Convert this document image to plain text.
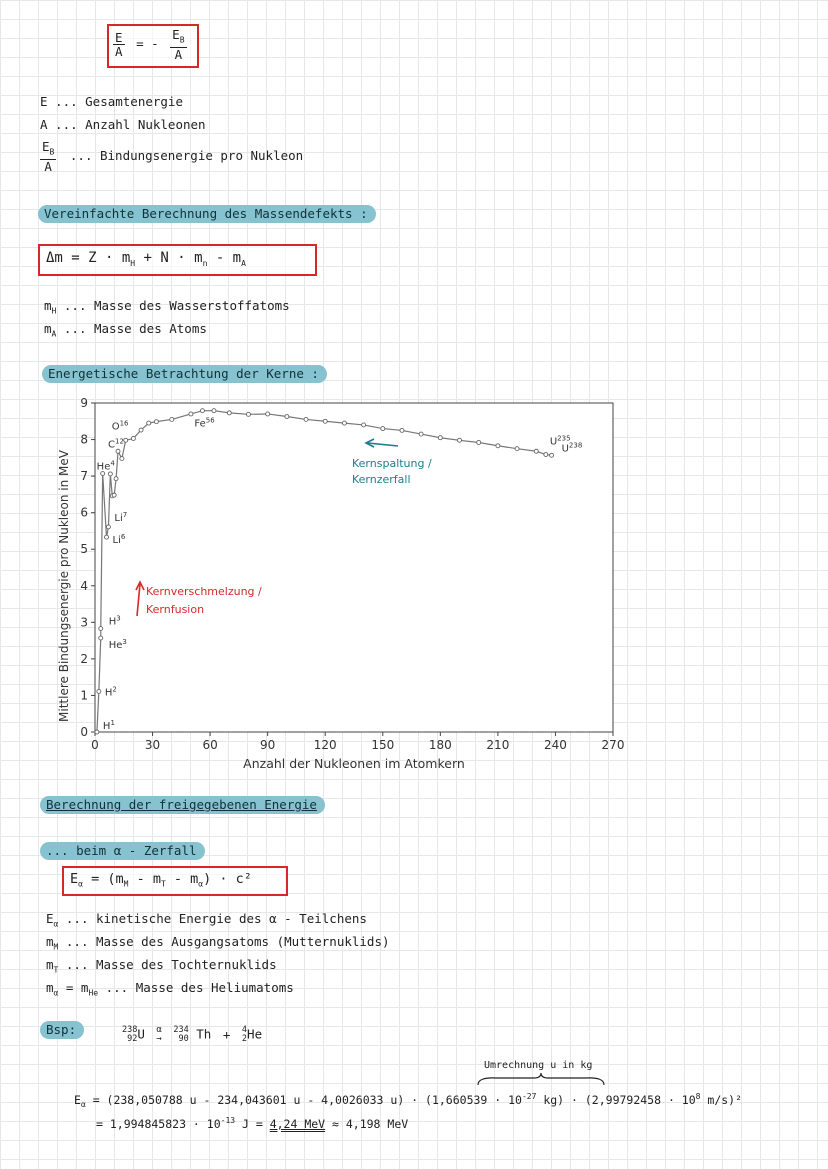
$\frac{E}{A}$ = - $\frac{E_B}{A}$
E ... Gesamtenergie
A ... Anzahl Nukleonen
$\frac{E_B}{A}$ ... Bindungsenergie pro Nukleon
Vereinfachte Berechnung des Massendefekts :
$\Delta m = Z \cdot m_H + N \cdot m_n - m_A$
$m_H$ ... Masse des Wasserstoffatoms
$m_A$ ... Masse des Atoms
Energetische Betrachtung der Kerne :
0	30	60	90	120	150	180	210	240	270
0
1
2
3
4
5
6
7
8
9
$H^1$
$H^2$
$H^3$
He$^3$
Li$^6$
Li$^7$
He$^4$
$C^{12}$
$O^{16}$	Fe$^{56}$
$U^{235}$
$U^{238}$
Mittlere Bindungsenergie pro Nukleon in MeV
Anzahl der Nukleonen im Atomkern
Kernspaltung /
Kernzerfall
Kernverschmelzung /
Kernfusion
Berechnung der freigegebenen Energie
... beim α - Zerfall
$E_\alpha = (m_M - m_T - m_\alpha) \cdot c^2$
$E_\alpha$ ... kinetische Energie des α - Teilchens
$m_M$ ... Masse des Ausgangsatoms (Mutternuklids)
$m_T$ ... Masse des Tochternuklids
$m_\alpha = m_{He}$ ... Masse des Heliumatoms
Bsp:	238
92U α
→ 234
90 Th + 4
2He
Umrechnung u in kg
$E_\alpha = (238,050788$ u - 234,043601 u - 4,0026033 $u) \cdot (1,660539 \cdot 10^{-27}$ $kg) \cdot (2,99792458 \cdot 10^8$ m/s)²
= $1,994845823 \cdot 10^{-13}$ J = 4,24 MeV ≈ 4,198 MeV
